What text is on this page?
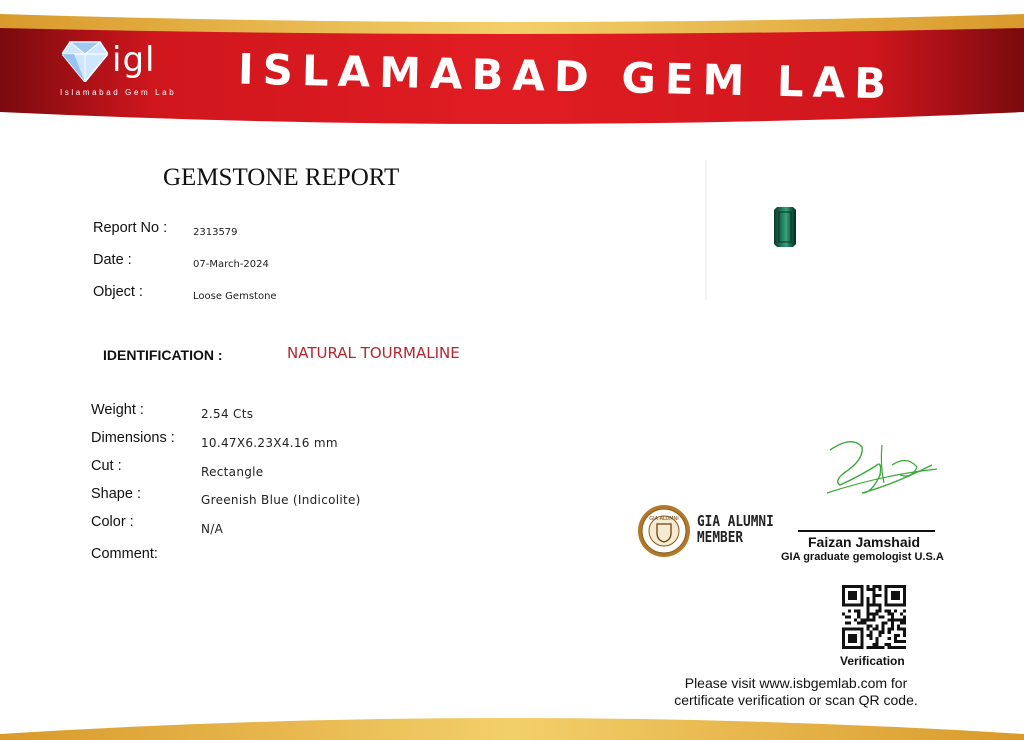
igl
Islamabad Gem Lab ISLAMABAD GEM LAB
GEMSTONE REPORT
Report No :	2313579
Date :	07-March-2024
Object :	Loose Gemstone
IDENTIFICATION :	NATURAL TOURMALINE
Weight :	2.54 Cts
Dimensions : 10.47X6.23X4.16 mm
Cut :	Rectangle
Shape :	Greenish Blue (Indicolite)
Color :	N/A
Comment:
GIA ALUMNI GIA ALUMNI
MEMBER	Faizan Jamshaid
GIA graduate gemologist U.S.A
Verification
Please visit www.isbgemlab.com for
certificate verification or scan QR code.
